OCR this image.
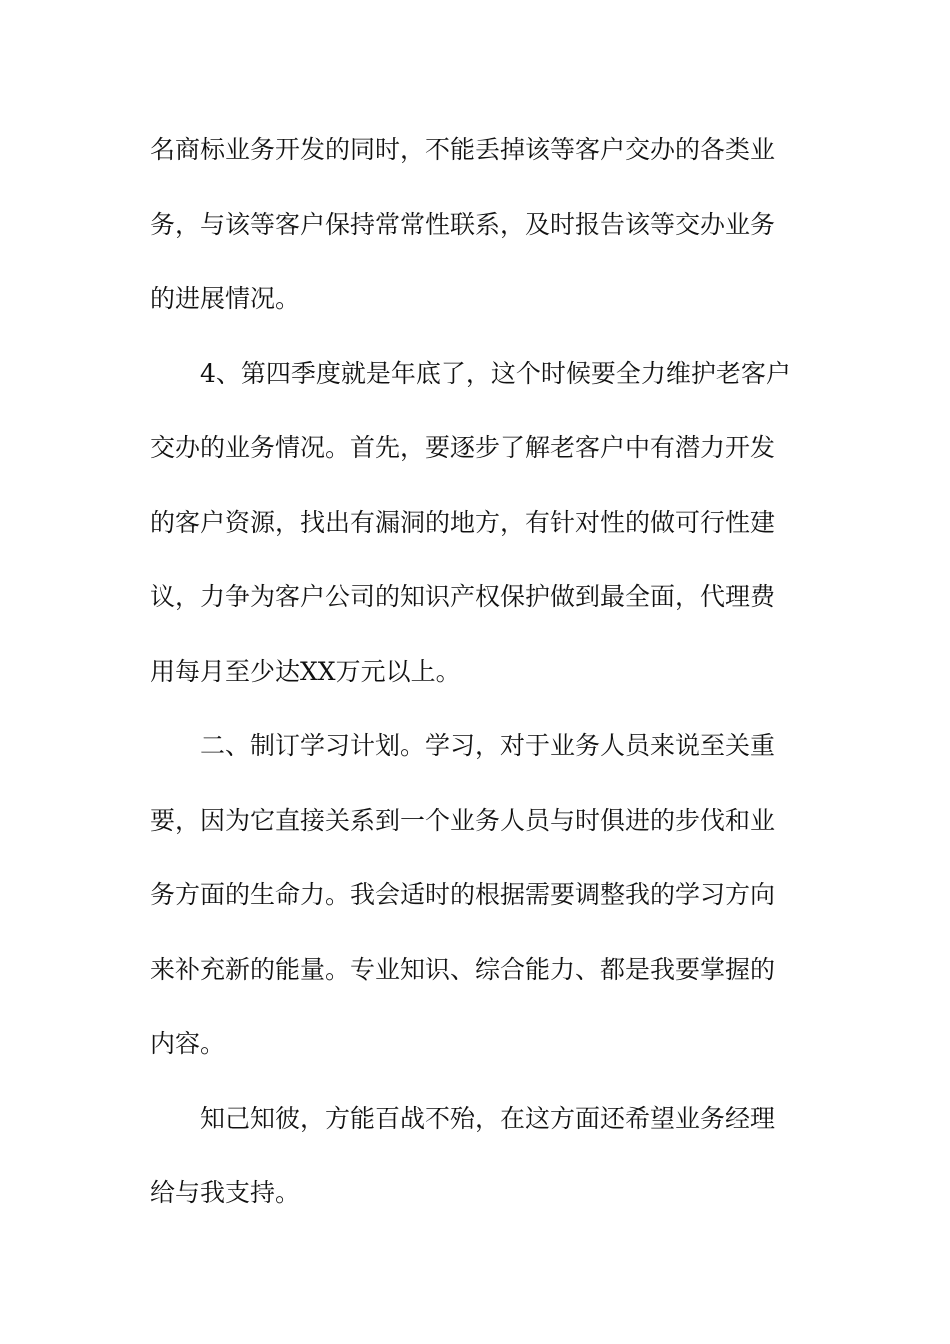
名商标业务开发的同时，不能丢掉该等客户交办的各类业
务，与该等客户保持常常性联系，及时报告该等交办业务
的进展情况。
4、第四季度就是年底了，这个时候要全力维护老客户
交办的业务情况。首先，要逐步了解老客户中有潜力开发
的客户资源，找出有漏洞的地方，有针对性的做可行性建
议，力争为客户公司的知识产权保护做到最全面，代理费
用每月至少达XX万元以上。
二、制订学习计划。学习，对于业务人员来说至关重
要，因为它直接关系到一个业务人员与时俱进的步伐和业
务方面的生命力。我会适时的根据需要调整我的学习方向
来补充新的能量。专业知识、综合能力、都是我要掌握的
内容。
知己知彼，方能百战不殆，在这方面还希望业务经理
给与我支持。
